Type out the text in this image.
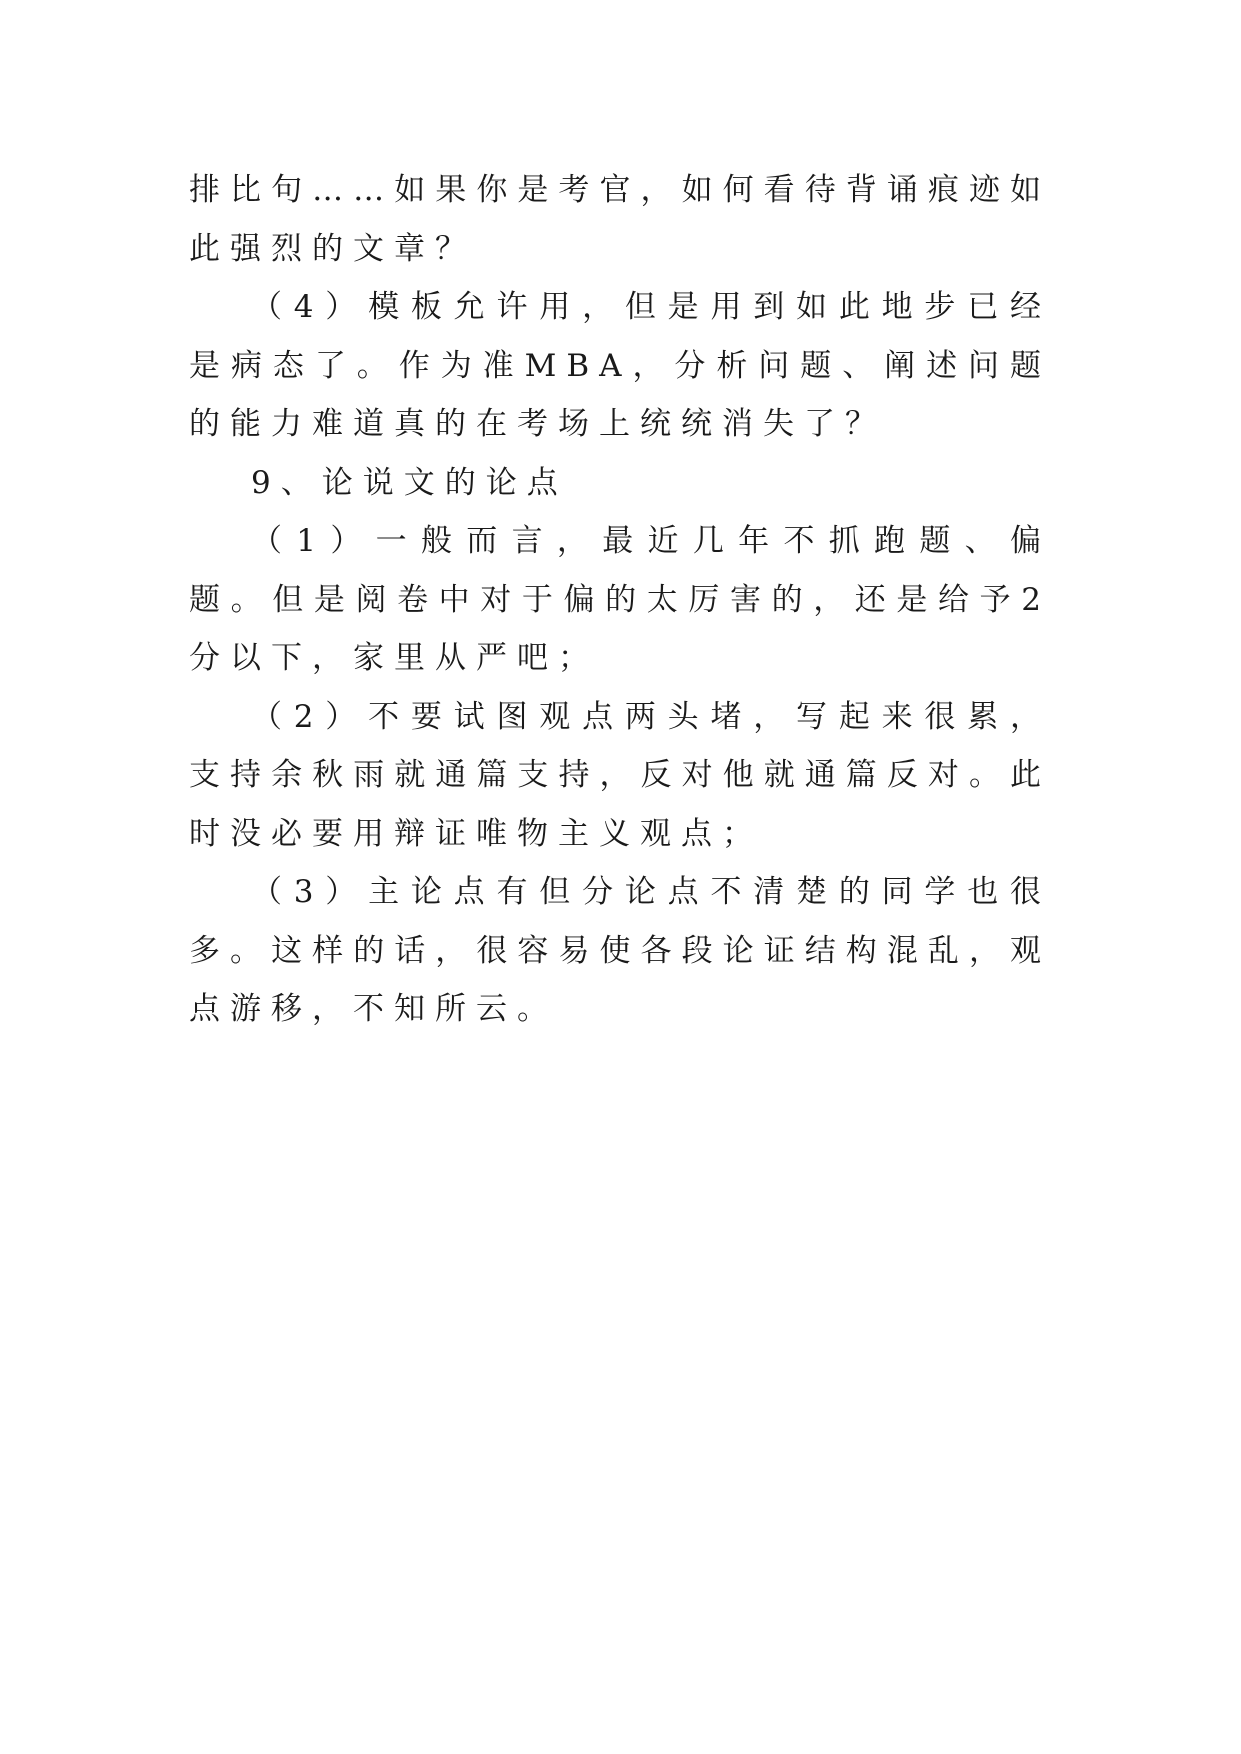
排比句……如果你是考官，如何看待背诵痕迹如此强烈的文章？

（4）模板允许用，但是用到如此地步已经是病态了。作为准MBA，分析问题、阐述问题的能力难道真的在考场上统统消失了？

9、论说文的论点

（1）一般而言，最近几年不抓跑题、偏题。但是阅卷中对于偏的太厉害的，还是给予2分以下，家里从严吧；

（2）不要试图观点两头堵，写起来很累，支持余秋雨就通篇支持，反对他就通篇反对。此时没必要用辩证唯物主义观点；

（3）主论点有但分论点不清楚的同学也很多。这样的话，很容易使各段论证结构混乱，观点游移，不知所云。
